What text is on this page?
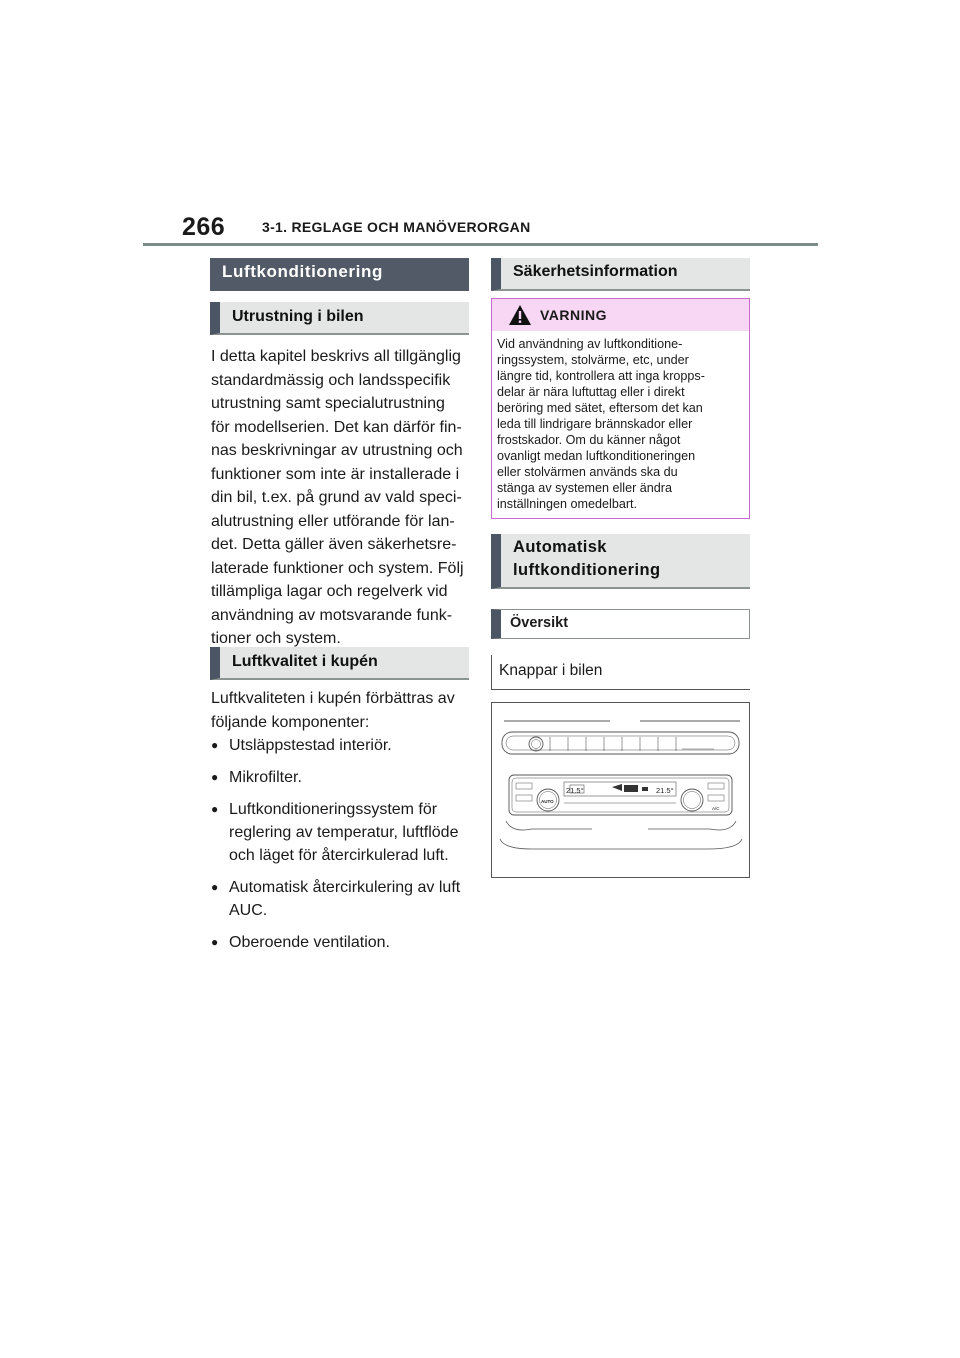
266	3-1. REGLAGE OCH MANÖVERORGAN
Luftkonditionering
Utrustning i bilen
I detta kapitel beskrivs all tillgänglig
standardmässig och landsspecifik
utrustning samt specialutrustning
för modellserien. Det kan därför fin-
nas beskrivningar av utrustning och
funktioner som inte är installerade i
din bil, t.ex. på grund av vald speci-
alutrustning eller utförande för lan-
det. Detta gäller även säkerhetsre-
laterade funktioner och system. Följ
tillämpliga lagar och regelverk vid
användning av motsvarande funk-
tioner och system.
Luftkvalitet i kupén
Luftkvaliteten i kupén förbättras av
följande komponenter:
● Utsläppstestad interiör.
● Mikrofilter.
● Luftkonditioneringssystem för
reglering av temperatur, luftflöde
och läget för återcirkulerad luft.
● Automatisk återcirkulering av luft
AUC.
● Oberoende ventilation.
Säkerhetsinformation
VARNING
Vid användning av luftkonditione-
ringssystem, stolvärme, etc, under
längre tid, kontrollera att inga kropps-
delar är nära luftuttag eller i direkt
beröring med sätet, eftersom det kan
leda till lindrigare brännskador eller
frostskador. Om du känner något
ovanligt medan luftkonditioneringen
eller stolvärmen används ska du
stänga av systemen eller ändra
inställningen omedelbart.
Automatisk
luftkonditionering
Översikt
Knappar i bilen
21.5°	21.5°
AUTO
A/C
